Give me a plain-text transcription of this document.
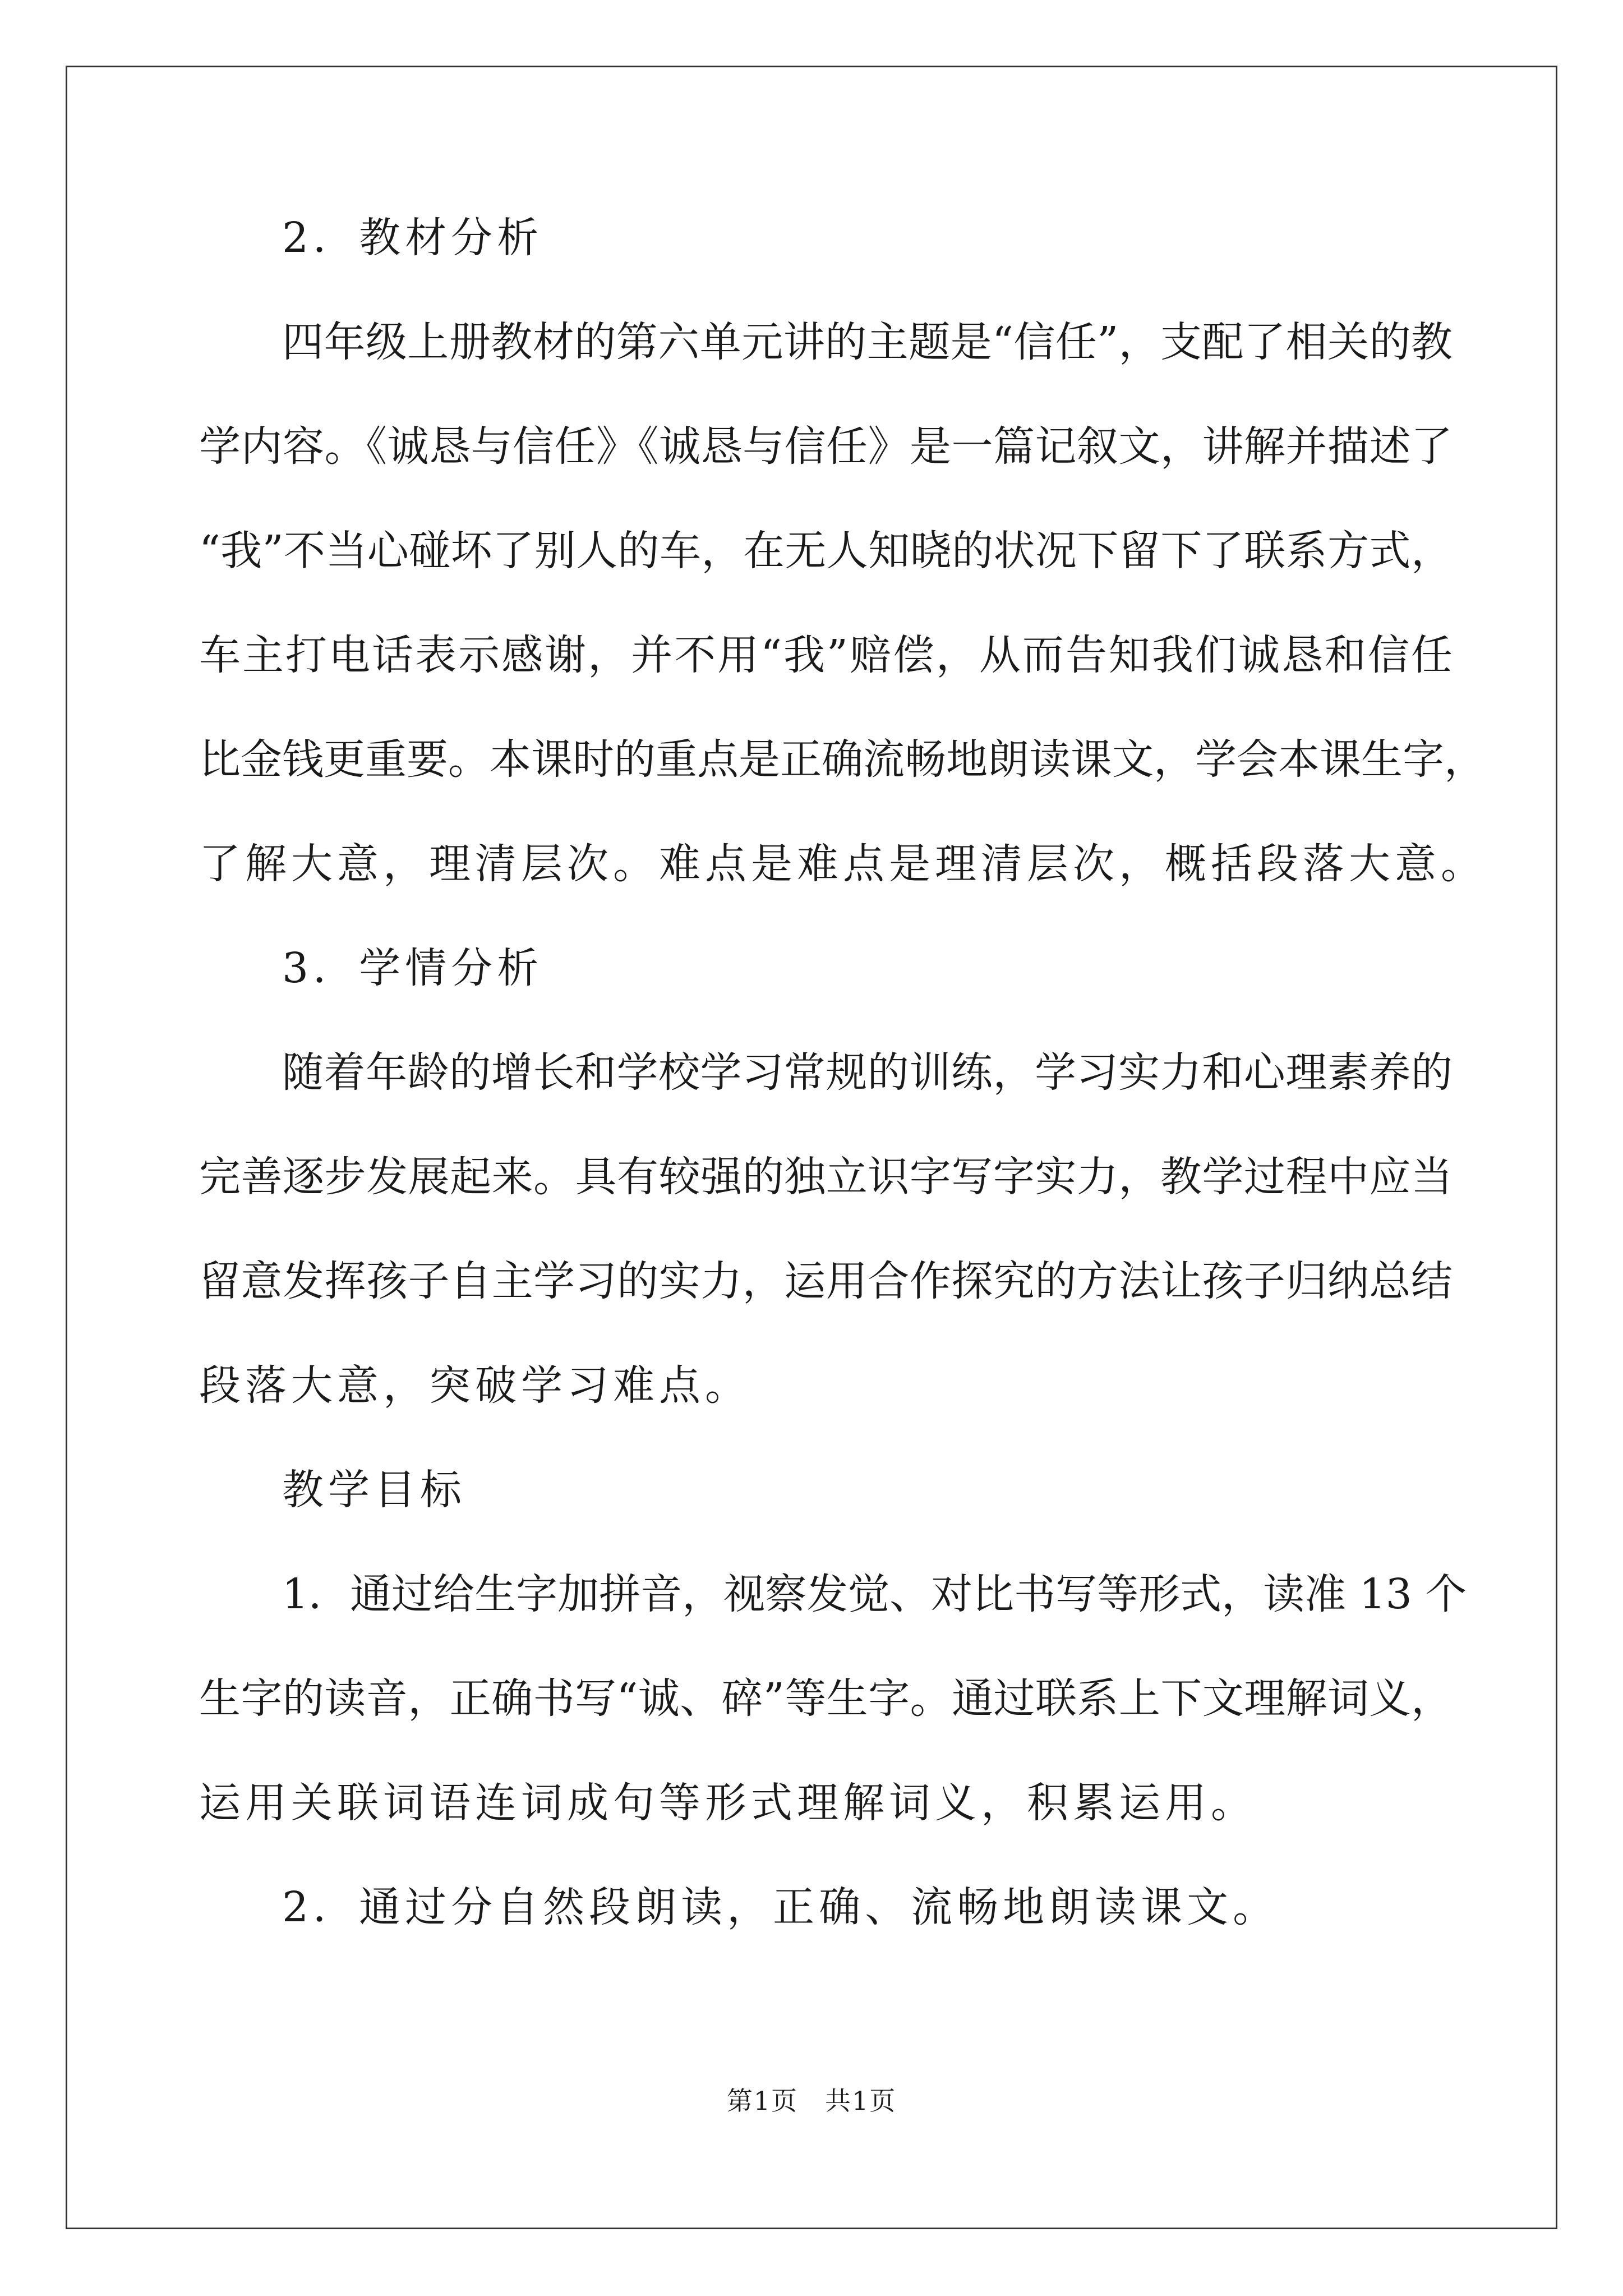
2．教材分析
四年级上册教材的第六单元讲的主题是“信任”，支配了相关的教
学内容。《诚恳与信任》《诚恳与信任》是一篇记叙文，讲解并描述了
“我”不当心碰坏了别人的车，在无人知晓的状况下留下了联系方式，
车主打电话表示感谢，并不用“我”赔偿，从而告知我们诚恳和信任
比金钱更重要。本课时的重点是正确流畅地朗读课文，学会本课生字，
了解大意，理清层次。难点是难点是理清层次，概括段落大意。
3．学情分析
随着年龄的增长和学校学习常规的训练，学习实力和心理素养的
完善逐步发展起来。具有较强的独立识字写字实力，教学过程中应当
留意发挥孩子自主学习的实力，运用合作探究的方法让孩子归纳总结
段落大意，突破学习难点。
教学目标
1．通过给生字加拼音，视察发觉、对比书写等形式，读准 13 个
生字的读音，正确书写“诚、碎”等生字。通过联系上下文理解词义，
运用关联词语连词成句等形式理解词义，积累运用。
2．通过分自然段朗读，正确、流畅地朗读课文。
第1页　共1页
